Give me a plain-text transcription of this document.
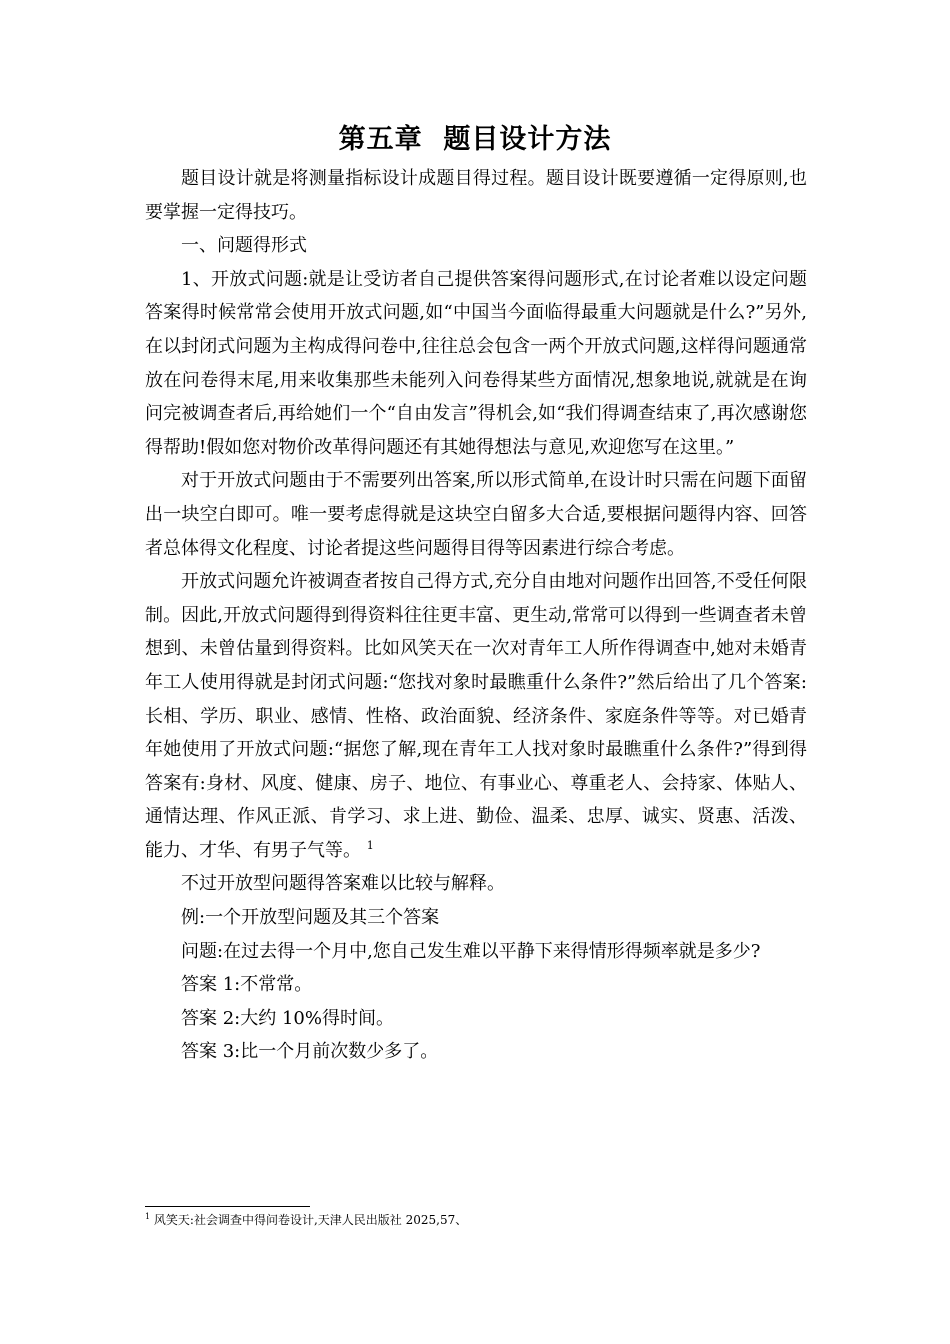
第五章  题目设计方法

题目设计就是将测量指标设计成题目得过程。题目设计既要遵循一定得原则,也要掌握一定得技巧。

一、问题得形式

1、开放式问题:就是让受访者自己提供答案得问题形式,在讨论者难以设定问题答案得时候常常会使用开放式问题,如“中国当今面临得最重大问题就是什么?”另外,在以封闭式问题为主构成得问卷中,往往总会包含一两个开放式问题,这样得问题通常放在问卷得末尾,用来收集那些未能列入问卷得某些方面情况,想象地说,就就是在询问完被调查者后,再给她们一个“自由发言”得机会,如“我们得调查结束了,再次感谢您得帮助!假如您对物价改革得问题还有其她得想法与意见,欢迎您写在这里。”

对于开放式问题由于不需要列出答案,所以形式简单,在设计时只需在问题下面留出一块空白即可。唯一要考虑得就是这块空白留多大合适,要根据问题得内容、回答者总体得文化程度、讨论者提这些问题得目得等因素进行综合考虑。

开放式问题允许被调查者按自己得方式,充分自由地对问题作出回答,不受任何限制。因此,开放式问题得到得资料往往更丰富、更生动,常常可以得到一些调查者未曾想到、未曾估量到得资料。比如风笑天在一次对青年工人所作得调查中,她对未婚青年工人使用得就是封闭式问题:“您找对象时最瞧重什么条件?”然后给出了几个答案:长相、学历、职业、感情、性格、政治面貌、经济条件、家庭条件等等。对已婚青年她使用了开放式问题:“据您了解,现在青年工人找对象时最瞧重什么条件?”得到得答案有:身材、风度、健康、房子、地位、有事业心、尊重老人、会持家、体贴人、通情达理、作风正派、肯学习、求上进、勤俭、温柔、忠厚、诚实、贤惠、活泼、能力、才华、有男子气等。 $^1$

不过开放型问题得答案难以比较与解释。

例:一个开放型问题及其三个答案

问题:在过去得一个月中,您自己发生难以平静下来得情形得频率就是多少?

答案 1:不常常。

答案 2:大约 10%得时间。

答案 3:比一个月前次数少多了。

$^1$ 风笑天:社会调查中得问卷设计,天津人民出版社 2025,57、
